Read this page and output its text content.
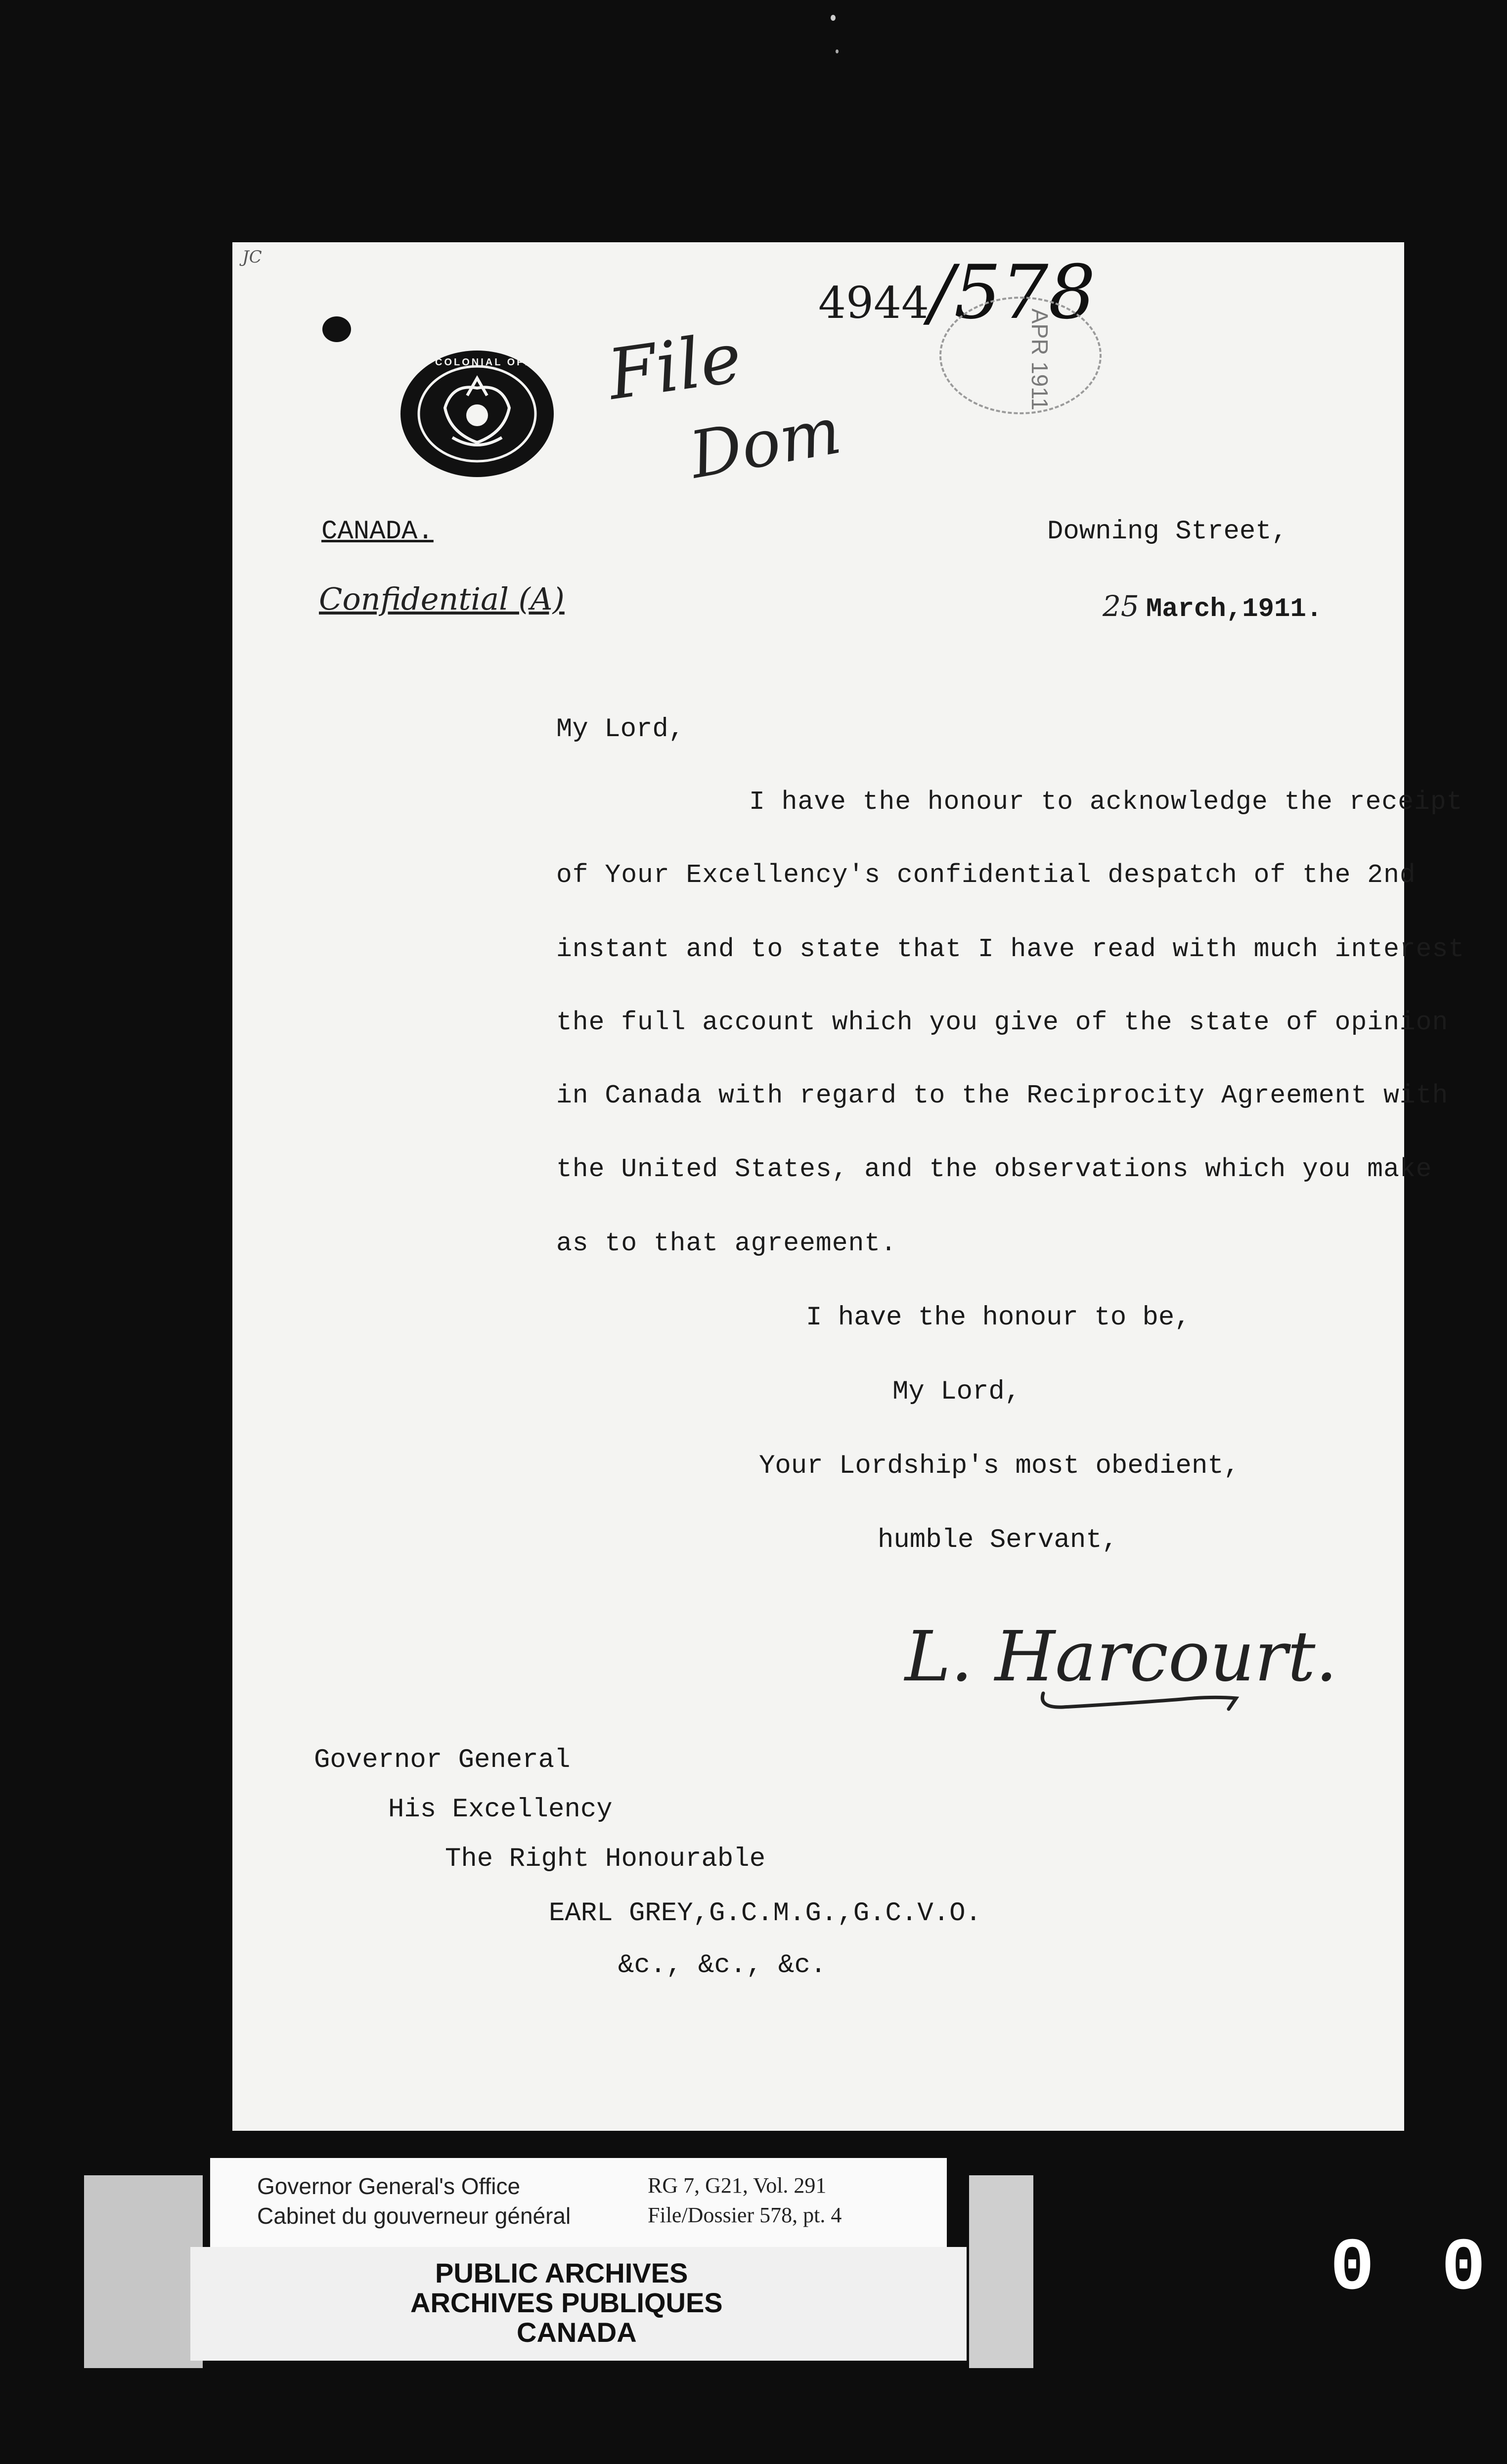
JC
COLONIAL OFFICE File
Dom
4944/578
APR 1911
CANADA.	Downing Street,
Confidential (A)	25 March,1911.
My Lord,
I have the honour to acknowledge the receipt
of Your Excellency's confidential despatch of the 2nd
instant and to state that I have read with much interest
the full account which you give of the state of opinion
in Canada with regard to the Reciprocity Agreement with
the United States, and the observations which you make
as to that agreement.
I have the honour to be,
My Lord,
Your Lordship's most obedient,
humble Servant,
L. Harcourt.
Governor General
His Excellency
The Right Honourable
EARL GREY,G.C.M.G.,G.C.V.O.
&c., &c., &c.
Governor General's Office
Cabinet du gouverneur général
RG 7, G21, Vol. 291
File/Dossier 578, pt. 4
PUBLIC ARCHIVES
ARCHIVES PUBLIQUES
CANADA
0 0
